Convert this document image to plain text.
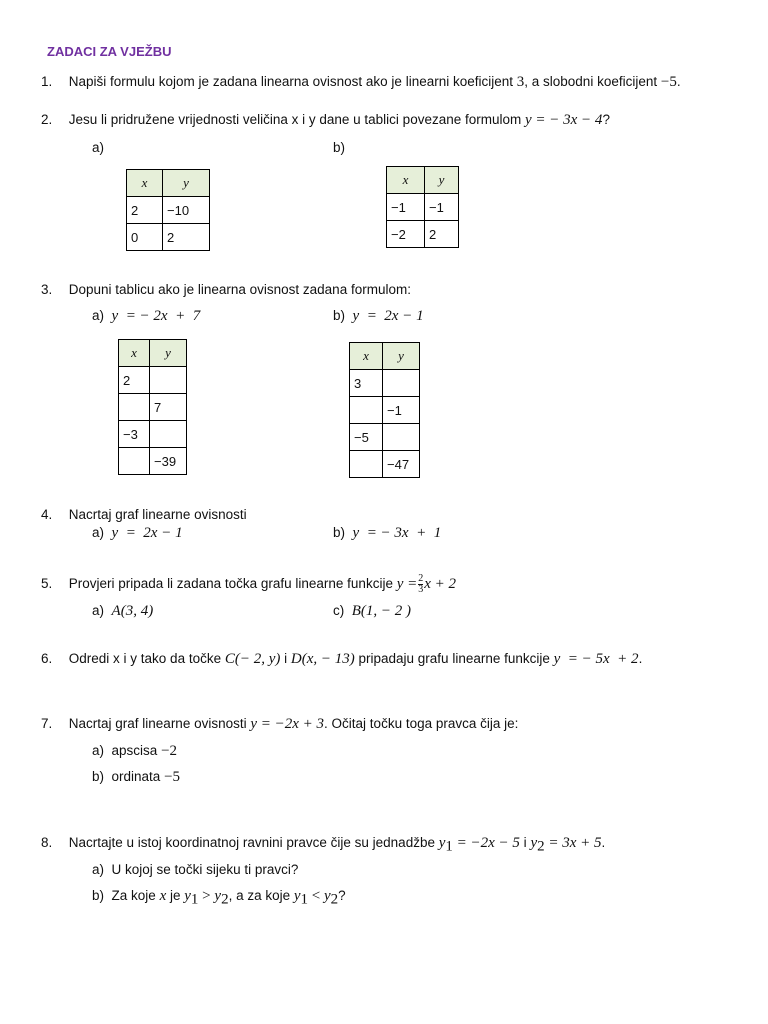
ZADACI ZA VJEŽBU
1. Napiši formulu kojom je zadana linearna ovisnost ako je linearni koeficijent 3, a slobodni koeficijent −5.
2. Jesu li pridružene vrijednosti veličina x i y dane u tablici povezane formulom y = − 3x − 4?
a)	b)
x	y
2	−10
0	2
x	y
−1	−1
−2	2
3. Dopuni tablicu ako je linearna ovisnost zadana formulom:
a) y  = − 2x  +  7	b) y  =  2x − 1
x	y
2	
	7
−3	
	−39
x	y
3	
	−1
−5	
	−47
4. Nacrtaj graf linearne ovisnosti
a) y  =  2x − 1	b) y  = − 3x  +  1
5. Provjeri pripada li zadana točka grafu linearne funkcije $y = \frac{2}{3}$ x + 2
a) A(3, 4)	c) B(1, − 2 )
6. Odredi x i y tako da točke C(− 2, y) i D(x, − 13) pripadaju grafu linearne funkcije y  = − 5x  + 2.
7. Nacrtaj graf linearne ovisnosti y = −2x + 3. Očitaj točku toga pravca čija je:
a) apscisa −2
b) ordinata −5
8. Nacrtajte u istoj koordinatnoj ravnini pravce čije su jednadžbe $y_1 = -2x - 5$ i $y_2 = 3x + 5$.
a) U kojoj se točki sijeku ti pravci?
b) Za koje x je $y_1 > y_2$, a za koje $y_1 < y_2$?
